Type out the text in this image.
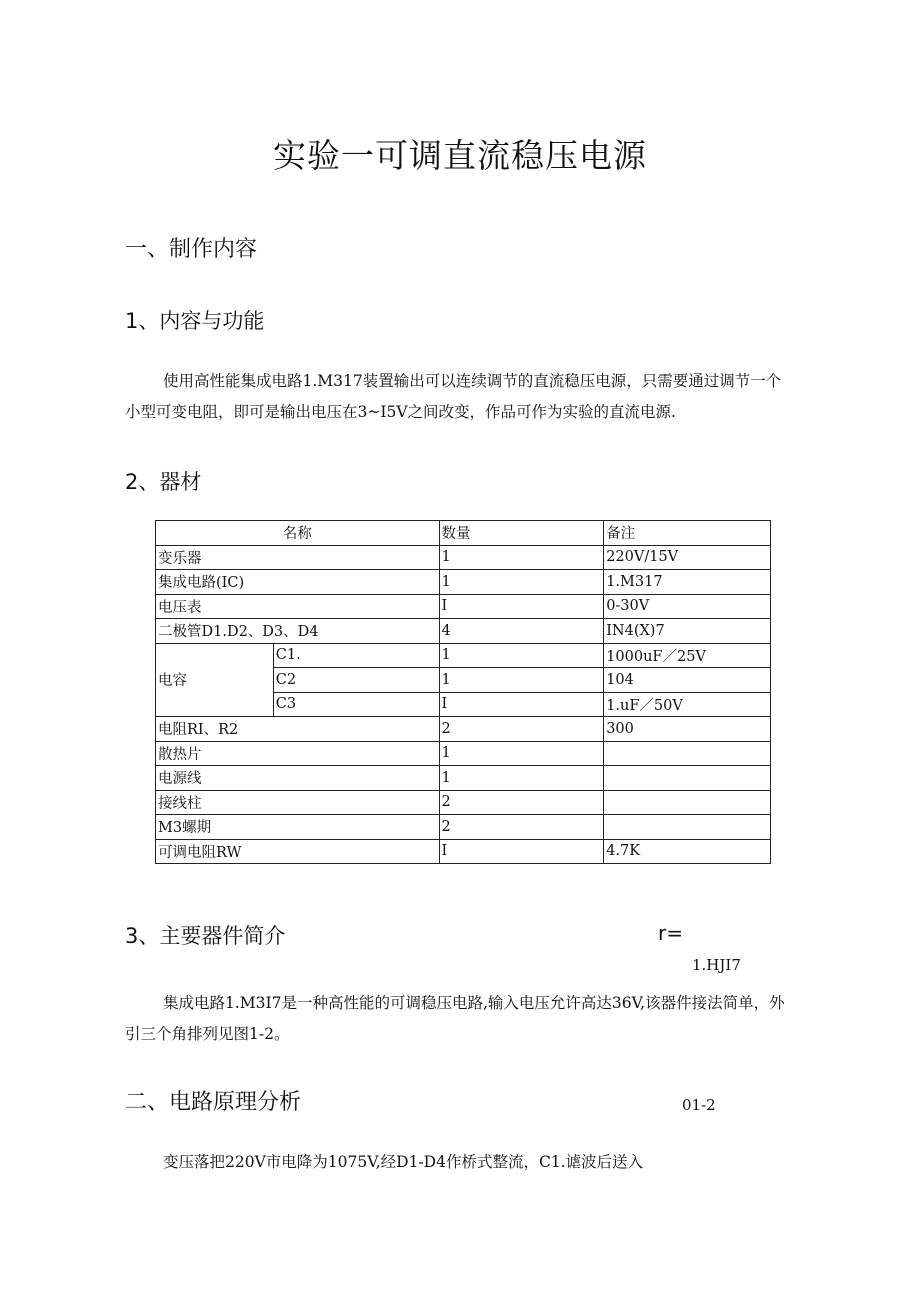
实验一可调直流稳压电源
一、制作内容
1、内容与功能
使用高性能集成电路1.M317装置输出可以连续调节的直流稳压电源，只需要通过调节一个小型可变电阻，即可是输出电压在3~I5V之间改变，作品可作为实验的直流电源.
2、器材
名称		数量	备注
变乐器		1	220V/15V
集成电路(IC)		1	1.M317
电压表		I	0-30V
二极管D1.D2、D3、D4		4	IN4(X)7
电容	C1.	1	1000uF／25V
	C2	1	104
	C3	I	1.uF／50V
电阻RI、R2		2	300
散热片		1	
电源线		1	
接线柱		2	
M3螺期		2	
可调电阻RW		I	4.7K
3、主要器件简介	r=
1.HJI7
集成电路1.M3I7是一种高性能的可调稳压电路,输入电压允许高达36V,该器件接法简单，外引三个角排列见图1-2。
二、电路原理分析	01-2
变压落把220V市电降为1075V,经D1-D4作桥式整流，C1.谑波后送入
